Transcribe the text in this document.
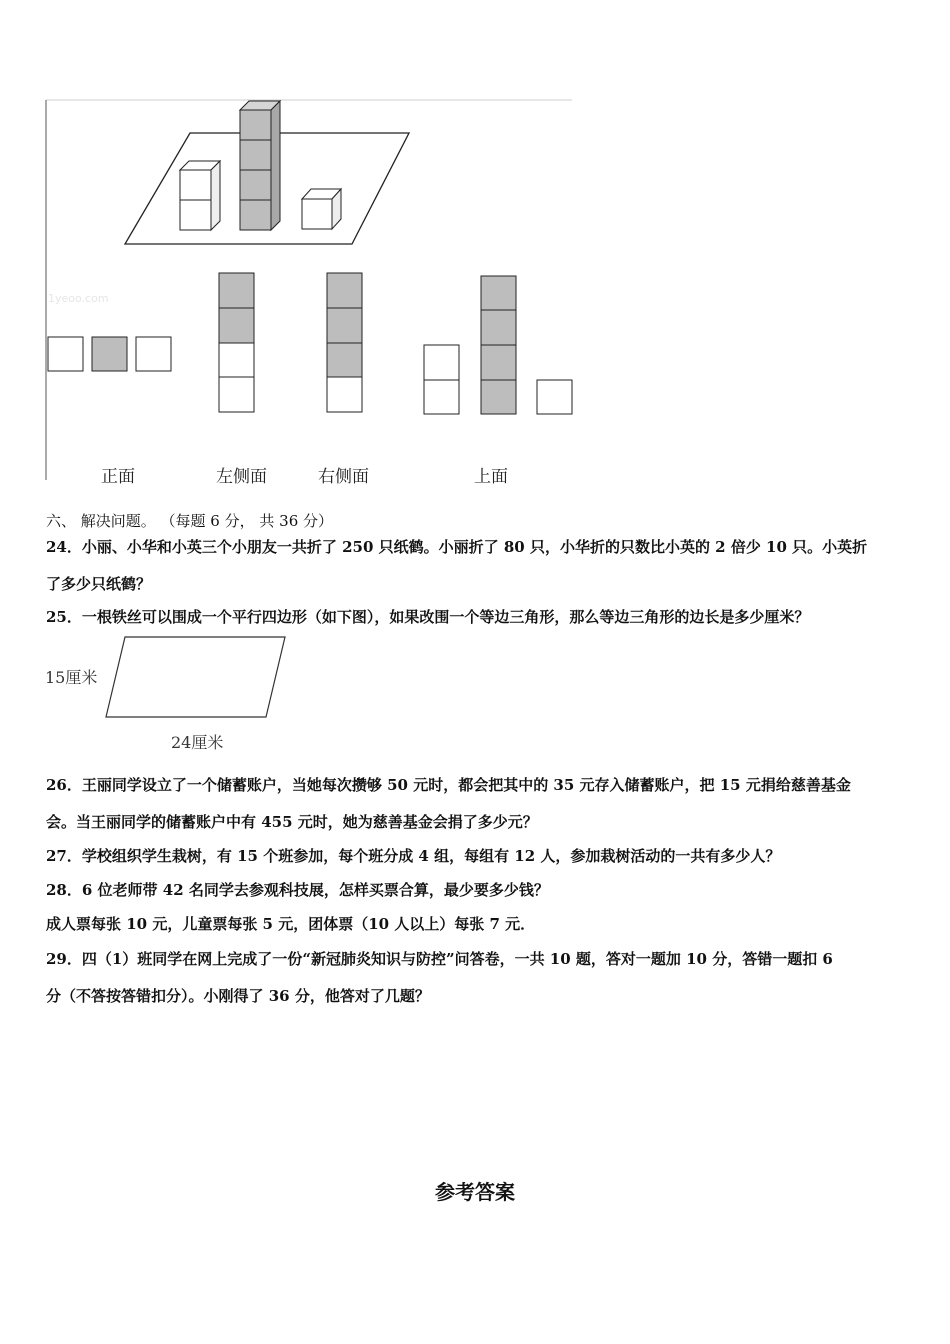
1yeoo.com
正面	左侧面	右侧面	上面
六、 解决问题。 （每题 6 分， 共 36 分）
24．小丽、小华和小英三个小朋友一共折了 250 只纸鹤。小丽折了 80 只，小华折的只数比小英的 2 倍少 10 只。小英折
了多少只纸鹤？
25．一根铁丝可以围成一个平行四边形（如下图），如果改围一个等边三角形，那么等边三角形的边长是多少厘米？
15厘米
24厘米
26．王丽同学设立了一个储蓄账户，当她每次攒够 50 元时，都会把其中的 35 元存入储蓄账户，把 15 元捐给慈善基金
会。当王丽同学的储蓄账户中有 455 元时，她为慈善基金会捐了多少元？
27．学校组织学生栽树，有 15 个班参加，每个班分成 4 组，每组有 12 人，参加栽树活动的一共有多少人？
28．6 位老师带 42 名同学去参观科技展，怎样买票合算，最少要多少钱？
成人票每张 10 元，儿童票每张 5 元，团体票（10 人以上）每张 7 元．
29．四（1）班同学在网上完成了一份“新冠肺炎知识与防控”问答卷，一共 10 题，答对一题加 10 分，答错一题扣 6
分（不答按答错扣分）。小刚得了 36 分，他答对了几题？
参考答案
